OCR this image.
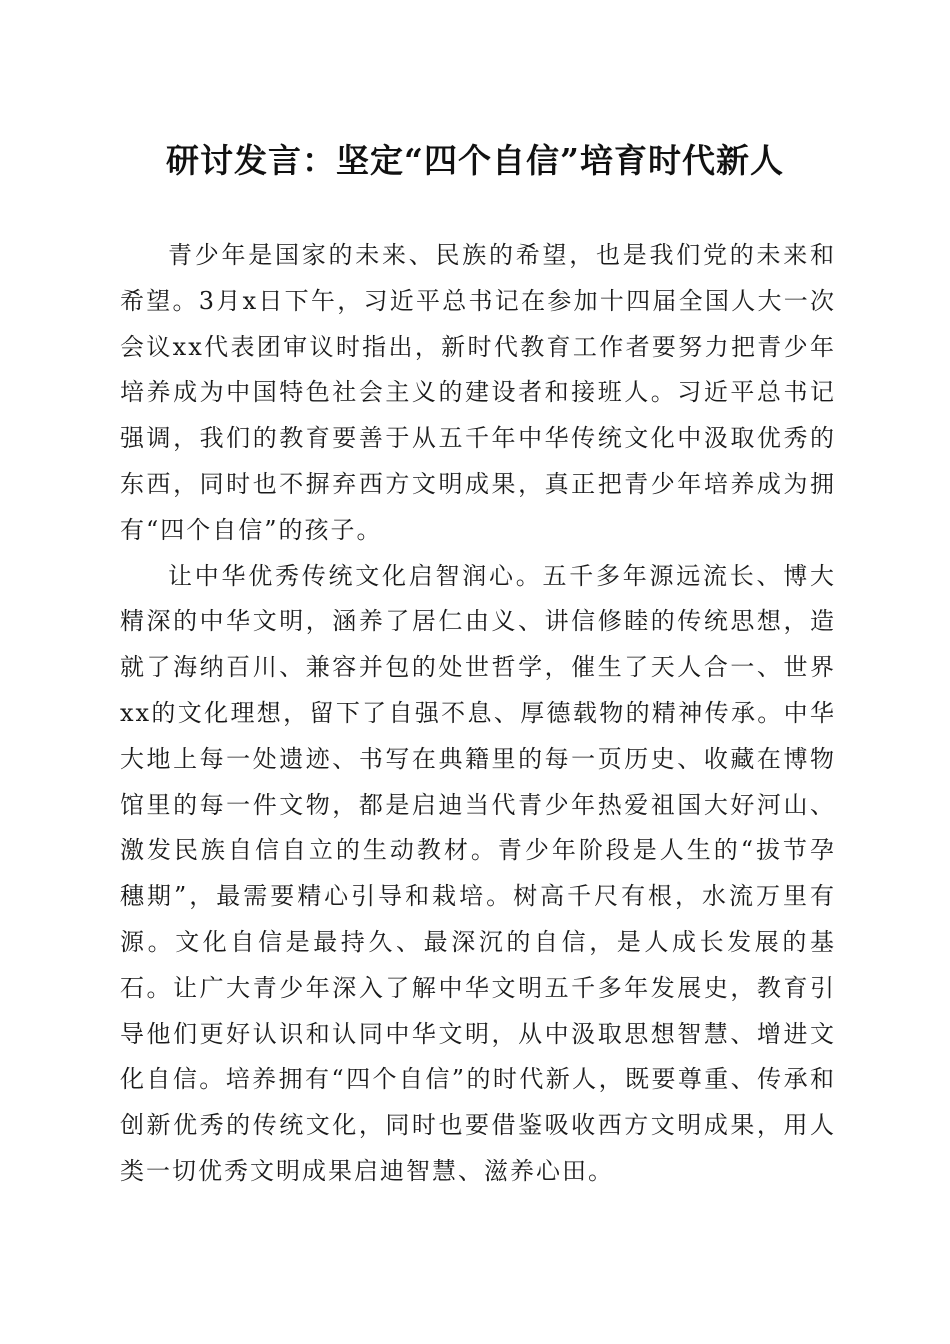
研讨发言：坚定“四个自信”培育时代新人

青少年是国家的未来、民族的希望，也是我们党的未来和希望。3月x日下午，习近平总书记在参加十四届全国人大一次会议xx代表团审议时指出，新时代教育工作者要努力把青少年培养成为中国特色社会主义的建设者和接班人。习近平总书记强调，我们的教育要善于从五千年中华传统文化中汲取优秀的东西，同时也不摒弃西方文明成果，真正把青少年培养成为拥有“四个自信”的孩子。

让中华优秀传统文化启智润心。五千多年源远流长、博大精深的中华文明，涵养了居仁由义、讲信修睦的传统思想，造就了海纳百川、兼容并包的处世哲学，催生了天人合一、世界xx的文化理想，留下了自强不息、厚德载物的精神传承。中华大地上每一处遗迹、书写在典籍里的每一页历史、收藏在博物馆里的每一件文物，都是启迪当代青少年热爱祖国大好河山、激发民族自信自立的生动教材。青少年阶段是人生的“拔节孕穗期”，最需要精心引导和栽培。树高千尺有根，水流万里有源。文化自信是最持久、最深沉的自信，是人成长发展的基石。让广大青少年深入了解中华文明五千多年发展史，教育引导他们更好认识和认同中华文明，从中汲取思想智慧、增进文化自信。培养拥有“四个自信”的时代新人，既要尊重、传承和创新优秀的传统文化，同时也要借鉴吸收西方文明成果，用人类一切优秀文明成果启迪智慧、滋养心田。
